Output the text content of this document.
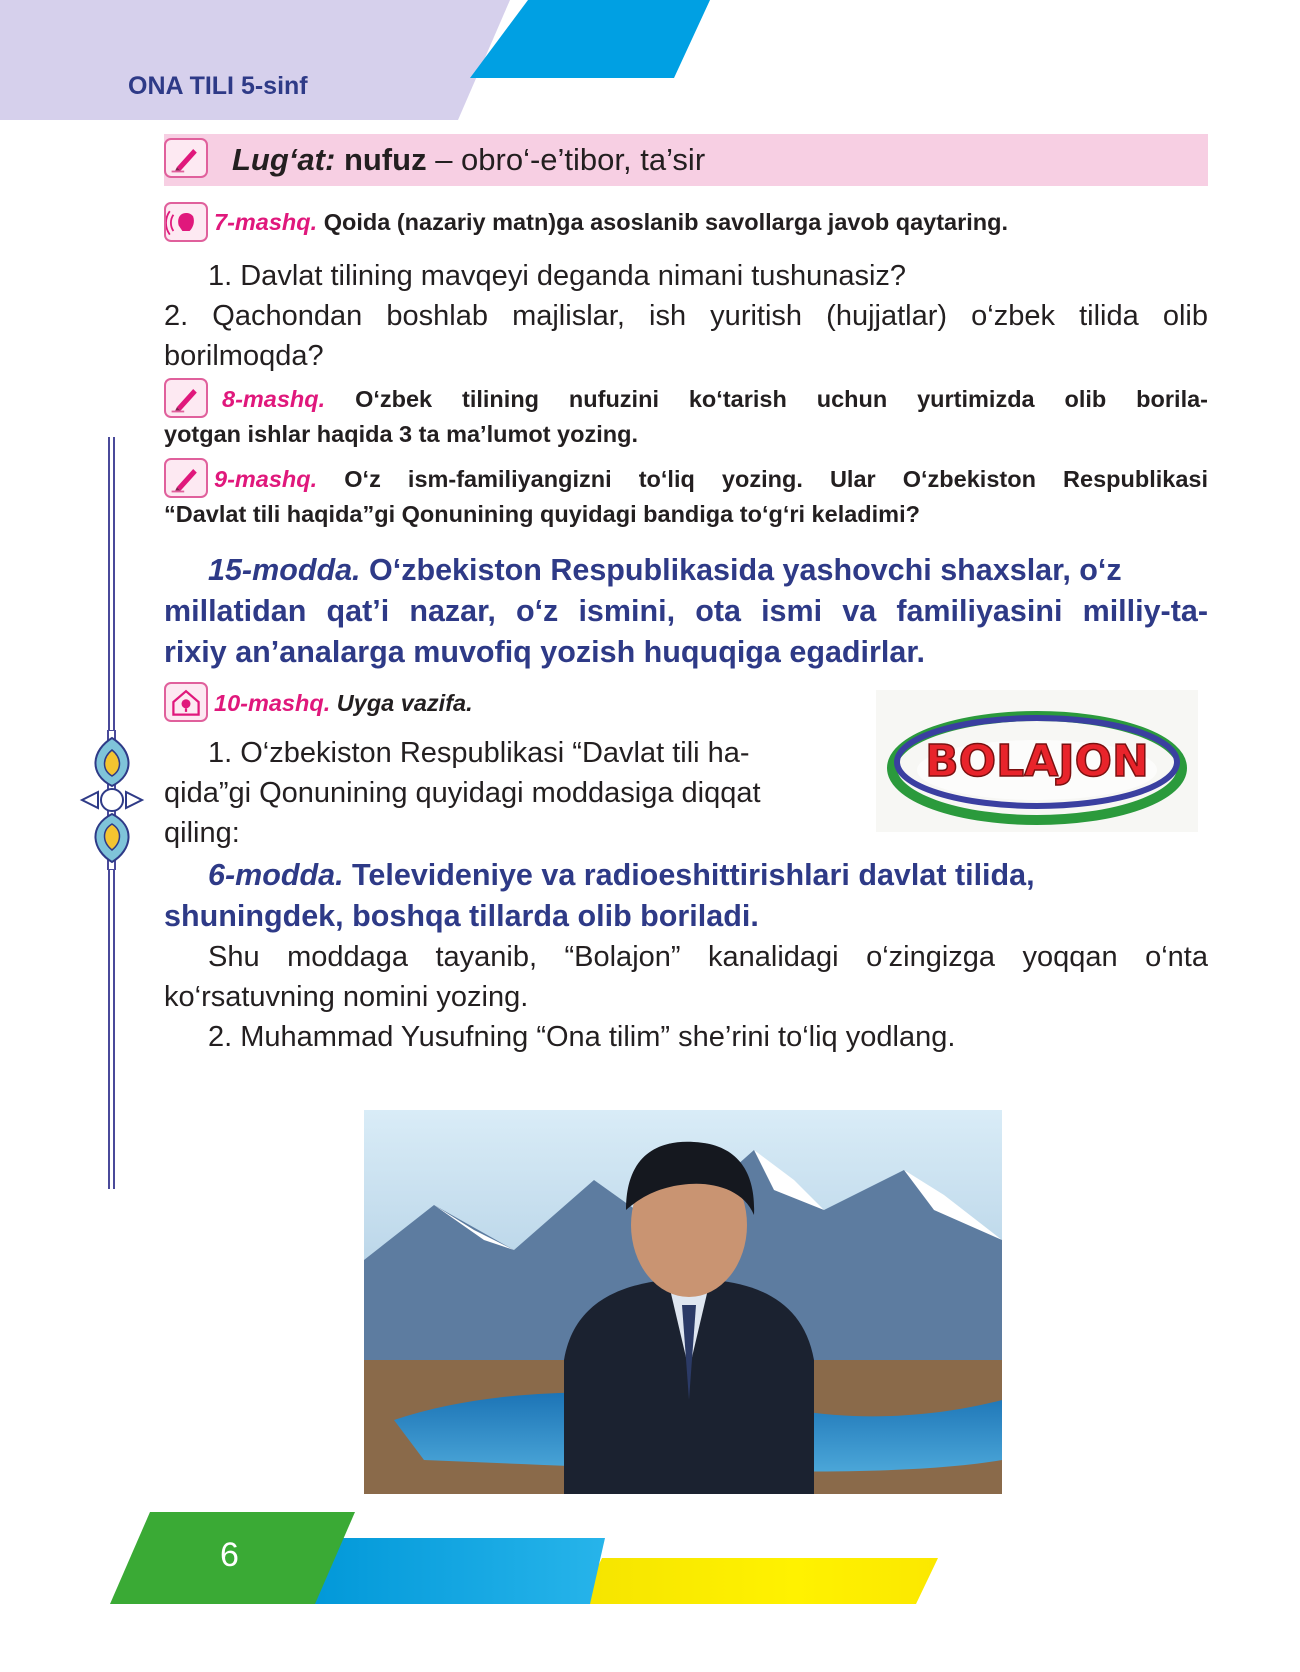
ONA TILI 5-sinf
Lug‘at: nufuz – obro‘-e’tibor, ta’sir
7-mashq. Qoida (nazariy matn)ga asoslanib savollarga javob qaytaring.
1. Davlat tilining mavqeyi deganda nimani tushunasiz?
2. Qachondan boshlab majlislar, ish yuritish (hujjatlar) o‘zbek tilida olib
borilmoqda?
8-mashq. O‘zbek tilining nufuzini ko‘tarish uchun yurtimizda olib borila-
yotgan ishlar haqida 3 ta ma’lumot yozing.
9-mashq. O‘z ism-familiyangizni to‘liq yozing. Ular O‘zbekiston Respublikasi
“Davlat tili haqida”gi Qonunining quyidagi bandiga to‘g‘ri keladimi?
15-modda. O‘zbekiston Respublikasida yashovchi shaxslar, o‘z
millatidan qat’i nazar, o‘z ismini, ota ismi va familiyasini milliy-ta-
rixiy an’analarga muvofiq yozish huquqiga egadirlar.
10-mashq. Uyga vazifa.
1. O‘zbekiston Respublikasi “Davlat tili ha-
qida”gi Qonunining quyidagi moddasiga diqqat
qiling:
BOLAJON
6-modda. Televideniye va radioeshittirishlari davlat tilida,
shuningdek, boshqa tillarda olib boriladi.
Shu moddaga tayanib, “Bolajon” kanalidagi o‘zingizga yoqqan o‘nta
ko‘rsatuvning nomini yozing.
2. Muhammad Yusufning “Ona tilim” she’rini to‘liq yodlang.
6
